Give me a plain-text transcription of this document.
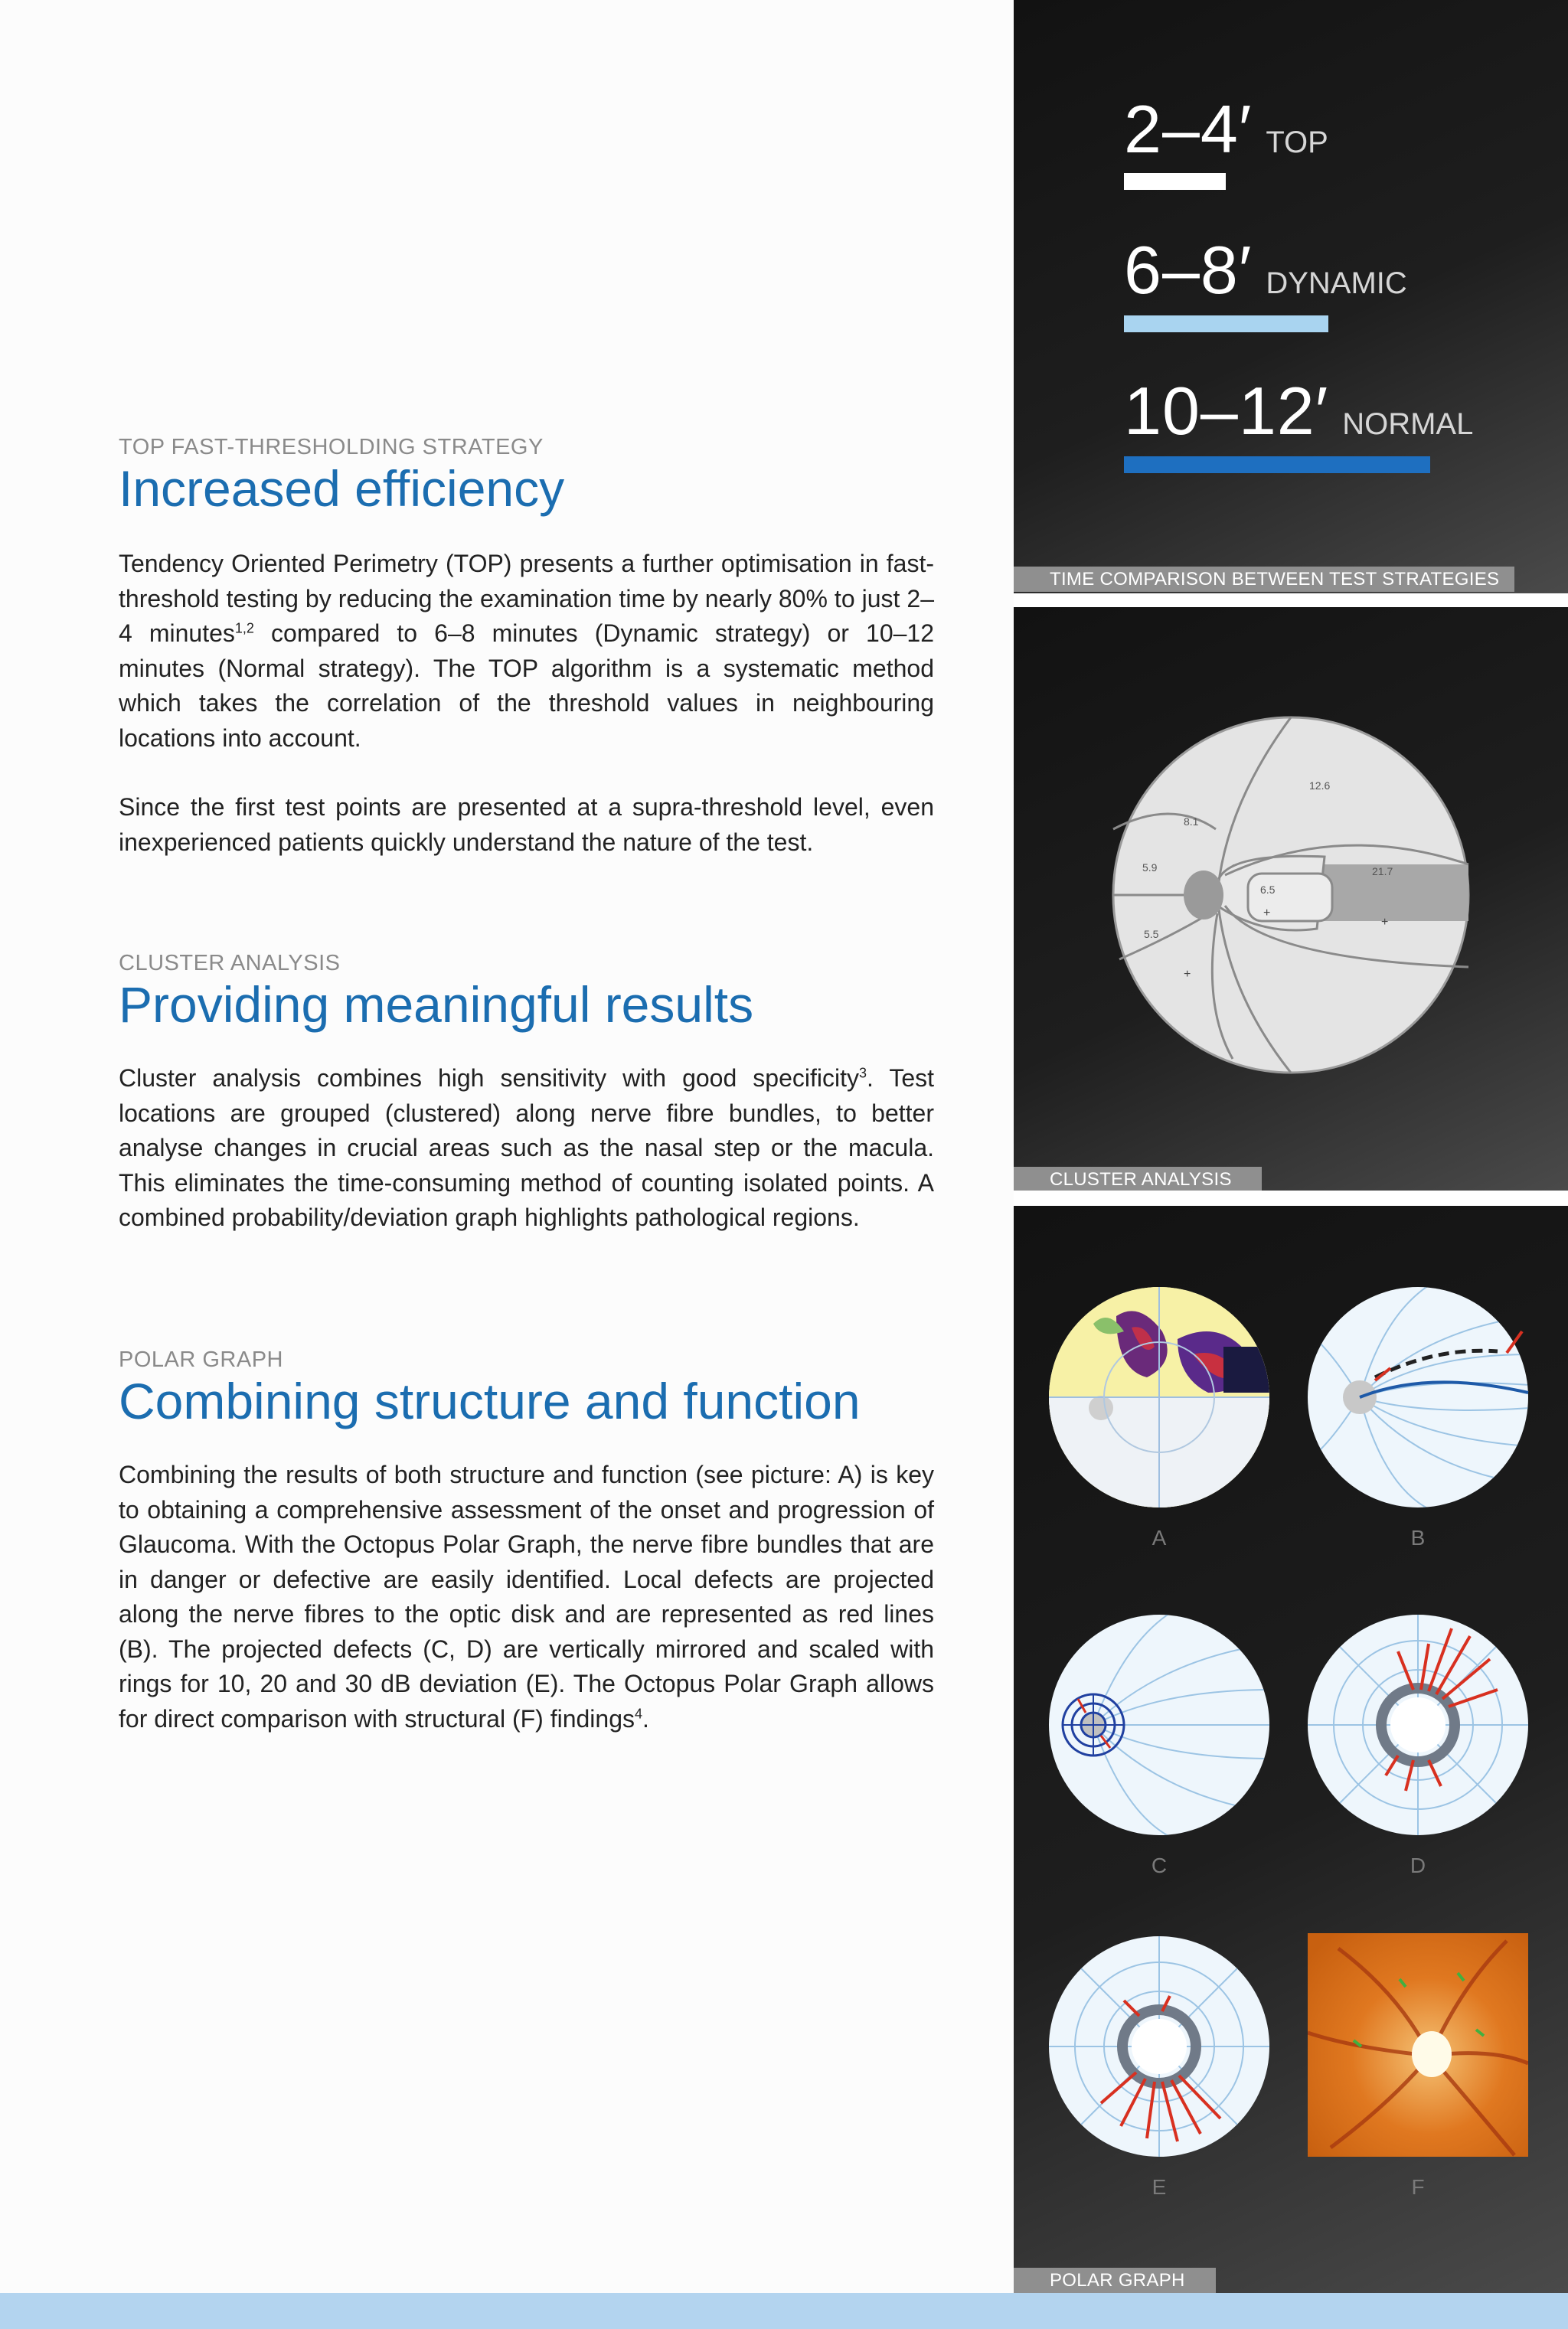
TOP FAST-THRESHOLDING STRATEGY
Increased efficiency
Tendency Oriented Perimetry (TOP) presents a further optimisation in fast-threshold testing by reducing the examination time by nearly 80% to just 2–4 minutes$^{1,2}$ compared to 6–8 minutes (Dynamic strategy) or 10–12 minutes (Normal strategy). The TOP algorithm is a systematic method which takes the correlation of the threshold values in neighbouring locations into account.
Since the first test points are presented at a supra-threshold level, even inexperienced patients quickly understand the nature of the test.
CLUSTER ANALYSIS
Providing meaningful results
Cluster analysis combines high sensitivity with good specificity$^3$. Test locations are grouped (clustered) along nerve fibre bundles, to better analyse changes in crucial areas such as the nasal step or the macula. This eliminates the time-consuming method of counting isolated points. A combined probability/deviation graph highlights pathological regions.
POLAR GRAPH
Combining structure and function
Combining the results of both structure and function (see picture: A) is key to obtaining a comprehensive assessment of the onset and progression of Glaucoma. With the Octopus Polar Graph, the nerve fibre bundles that are in danger or defective are easily identified. Local defects are projected along the nerve fibres to the optic disk and are represented as red lines (B). The projected defects (C, D) are vertically mirrored and scaled with rings for 10, 20 and 30 dB deviation (E). The Octopus Polar Graph allows for direct comparison with structural (F) findings$^4$.
2–4′ TOP
6–8′ DYNAMIC
10–12′ NORMAL
TIME COMPARISON BETWEEN TEST STRATEGIES
12.6
8.1
5.9	21.7
6.5
5.5
+
+
+
CLUSTER ANALYSIS
A	B
C	D
E	F
POLAR GRAPH
